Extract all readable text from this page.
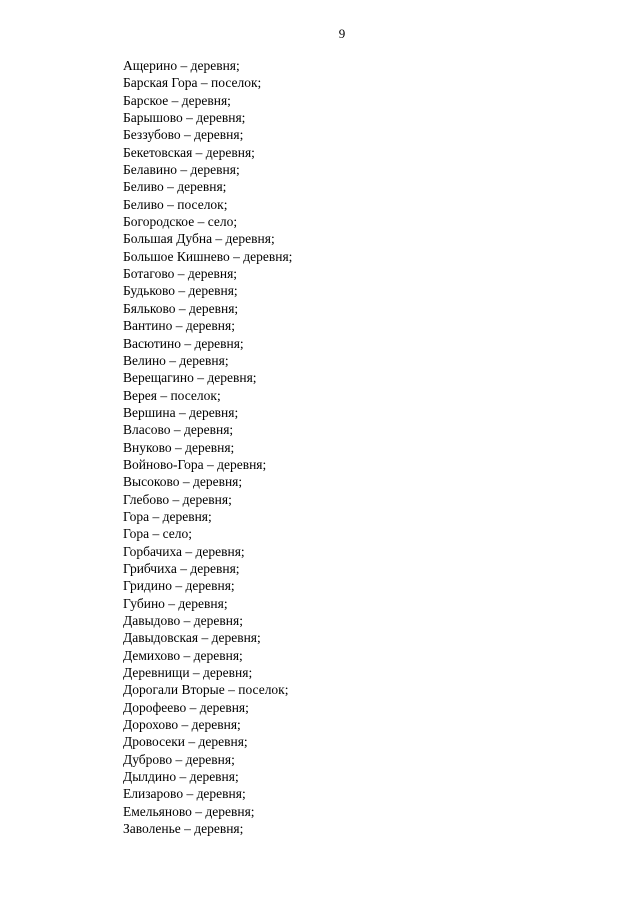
9
Ащерино – деревня;
Барская Гора – поселок;
Барское – деревня;
Барышово – деревня;
Беззубово – деревня;
Бекетовская – деревня;
Белавино – деревня;
Беливо – деревня;
Беливо – поселок;
Богородское – село;
Большая Дубна – деревня;
Большое Кишнево – деревня;
Ботагово – деревня;
Будьково – деревня;
Бяльково – деревня;
Вантино – деревня;
Васютино – деревня;
Велино – деревня;
Верещагино – деревня;
Верея – поселок;
Вершина – деревня;
Власово – деревня;
Внуково – деревня;
Войново-Гора – деревня;
Высоково – деревня;
Глебово – деревня;
Гора – деревня;
Гора – село;
Горбачиха – деревня;
Грибчиха – деревня;
Гридино – деревня;
Губино – деревня;
Давыдово – деревня;
Давыдовская – деревня;
Демихово – деревня;
Деревнищи – деревня;
Дорогали Вторые – поселок;
Дорофеево – деревня;
Дорохово – деревня;
Дровосеки – деревня;
Дуброво – деревня;
Дылдино – деревня;
Елизарово – деревня;
Емельяново – деревня;
Заволенье – деревня;
